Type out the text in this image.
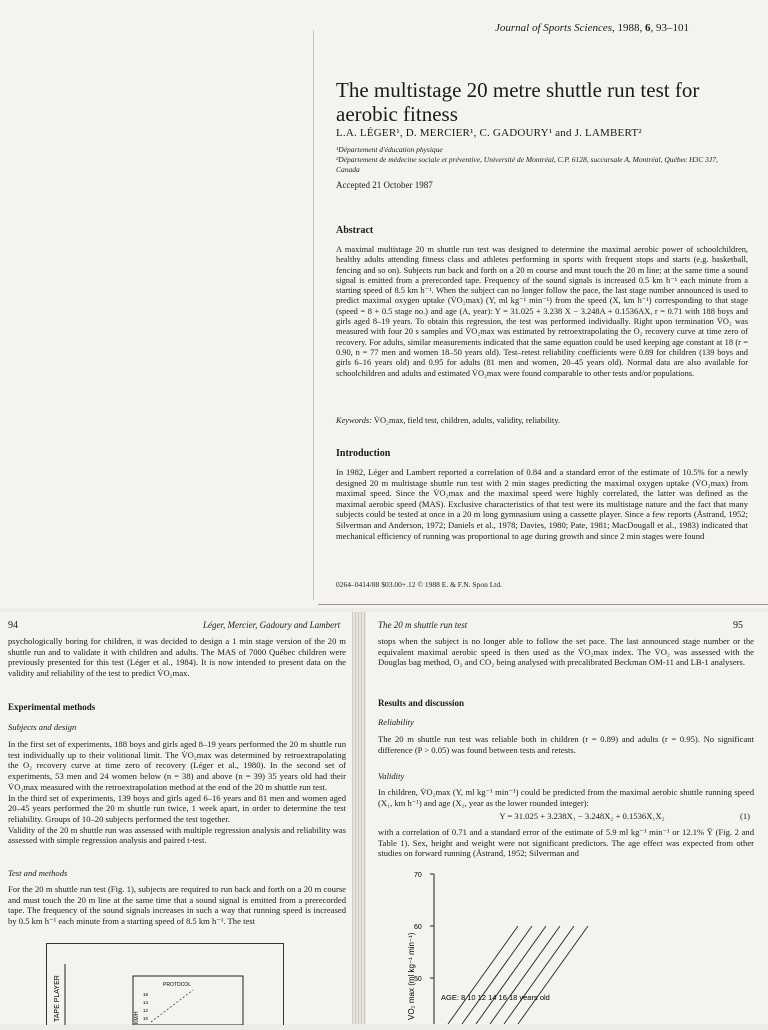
Journal of Sports Sciences, 1988, 6, 93–101
The multistage 20 metre shuttle run test for aerobic fitness
L.A. LÉGER¹, D. MERCIER¹, C. GADOURY¹ and J. LAMBERT²
¹Département d'éducation physique
²Département de médecine sociale et préventive, Université de Montréal, C.P. 6128, succursale A, Montréal, Québec H3C 3J7, Canada
Accepted 21 October 1987
Abstract
A maximal multistage 20 m shuttle run test was designed to determine the maximal aerobic power of schoolchildren, healthy adults attending fitness class and athletes performing in sports with frequent stops and starts (e.g. basketball, fencing and so on). Subjects run back and forth on a 20 m course and must touch the 20 m line; at the same time a sound signal is emitted from a prerecorded tape. Frequency of the sound signals is increased 0.5 km h⁻¹ each minute from a starting speed of 8.5 km h⁻¹. When the subject can no longer follow the pace, the last stage number announced is used to predict maximal oxygen uptake (V̇O₂max) (Y, ml kg⁻¹ min⁻¹) from the speed (X, km h⁻¹) corresponding to that stage (speed = 8 + 0.5 stage no.) and age (A, year): Y = 31.025 + 3.238 X − 3.248A + 0.1536AX, r = 0.71 with 188 boys and girls aged 8–19 years. To obtain this regression, the test was performed individually. Right upon termination V̇O₂ was measured with four 20 s samples and V̇O₂max was estimated by retroextrapolating the O₂ recovery curve at time zero of recovery. For adults, similar measurements indicated that the same equation could be used keeping age constant at 18 (r = 0.90, n = 77 men and women 18–50 years old). Test–retest reliability coefficients were 0.89 for children (139 boys and girls 6–16 years old) and 0.95 for adults (81 men and women, 20–45 years old). Normal data are also available for schoolchildren and adults and estimated V̇O₂max were found comparable to other tests and/or populations.
Keywords: V̇O₂max, field test, children, adults, validity, reliability.
Introduction
In 1982, Léger and Lambert reported a correlation of 0.84 and a standard error of the estimate of 10.5% for a newly designed 20 m multistage shuttle run test with 2 min stages predicting the maximal oxygen uptake (V̇O₂max) from maximal speed. Since the V̇O₂max and the maximal speed were highly correlated, the latter was defined as the maximal aerobic speed (MAS). Exclusive characteristics of that test were its multistage nature and the fact that many subjects could be tested at once in a 20 m long gymnasium using a cassette player. Since a few reports (Åstrand, 1952; Silverman and Anderson, 1972; Daniels et al., 1978; Davies, 1980; Pate, 1981; MacDougall et al., 1983) indicated that mechanical efficiency of running was proportional to age during growth and since 2 min stages were found
0264–0414/88 $03.00+.12 © 1988 E. & F.N. Spon Ltd.
94	Léger, Mercier, Gadoury and Lambert
psychologically boring for children, it was decided to design a 1 min stage version of the 20 m shuttle run and to validate it with children and adults. The MAS of 7000 Québec children were previously presented for this test (Léger et al., 1984). It is now intended to present data on the validity and reliability of the test to predict V̇O₂max.
Experimental methods
Subjects and design
In the first set of experiments, 188 boys and girls aged 8–19 years performed the 20 m shuttle run test individually up to their volitional limit. The V̇O₂max was determined by retroextrapolating the O₂ recovery curve at time zero of recovery (Léger et al., 1980). In the second set of experiments, 53 men and 24 women below (n = 38) and above (n = 39) 35 years old had their V̇O₂max measured with the retroextrapolation method at the end of the 20 m shuttle run test.
In the third set of experiments, 139 boys and girls aged 6–16 years and 81 men and women aged 20–45 years performed the 20 m shuttle run twice, 1 week apart, in order to determine the test reliability. Groups of 10–20 subjects performed the test together.
Validity of the 20 m shuttle run was assessed with multiple regression analysis and reliability was assessed with simple regression analysis and paired t-test.
Test and methods
For the 20 m shuttle run test (Fig. 1), subjects are required to run back and forth on a 20 m course and must touch the 20 m line at the same time that a sound signal is emitted from a prerecorded tape. The frequency of the sound signals increases in such a way that running speed is increased by 0.5 km h⁻¹ each minute from a starting speed of 8.5 km h⁻¹. The test
TAPE PLAYER	PROTOCOL
16
14
12
10
KM/H
95
The 20 m shuttle run test
stops when the subject is no longer able to follow the set pace. The last announced stage number or the equivalent maximal aerobic speed is then used as the V̇O₂max index. The V̇O₂ was assessed with the Douglas bag method, O₂ and CO₂ being analysed with precalibrated Beckman OM-11 and LB-1 analysers.
Results and discussion
Reliability
The 20 m shuttle run test was reliable both in children (r = 0.89) and adults (r = 0.95). No significant difference (P > 0.05) was found between tests and retests.
Validity
In children, V̇O₂max (Y, ml kg⁻¹ min⁻¹) could be predicted from the maximal aerobic shuttle running speed (X₁, km h⁻¹) and age (X₂, year as the lower rounded integer):
Y = 31.025 + 3.238X₁ − 3.248X₂ + 0.1536X₁X₂	(1)
with a correlation of 0.71 and a standard error of the estimate of 5.9 ml kg⁻¹ min⁻¹ or 12.1% Ȳ (Fig. 2 and Table 1). Sex, height and weight were not significant predictors. The age effect was expected from other studies on forward running (Åstrand, 1952; Silverman and
VO₂ max (ml kg⁻¹ min⁻¹)
70
60
50
AGE: 8 10 12 14 16 18 years old
